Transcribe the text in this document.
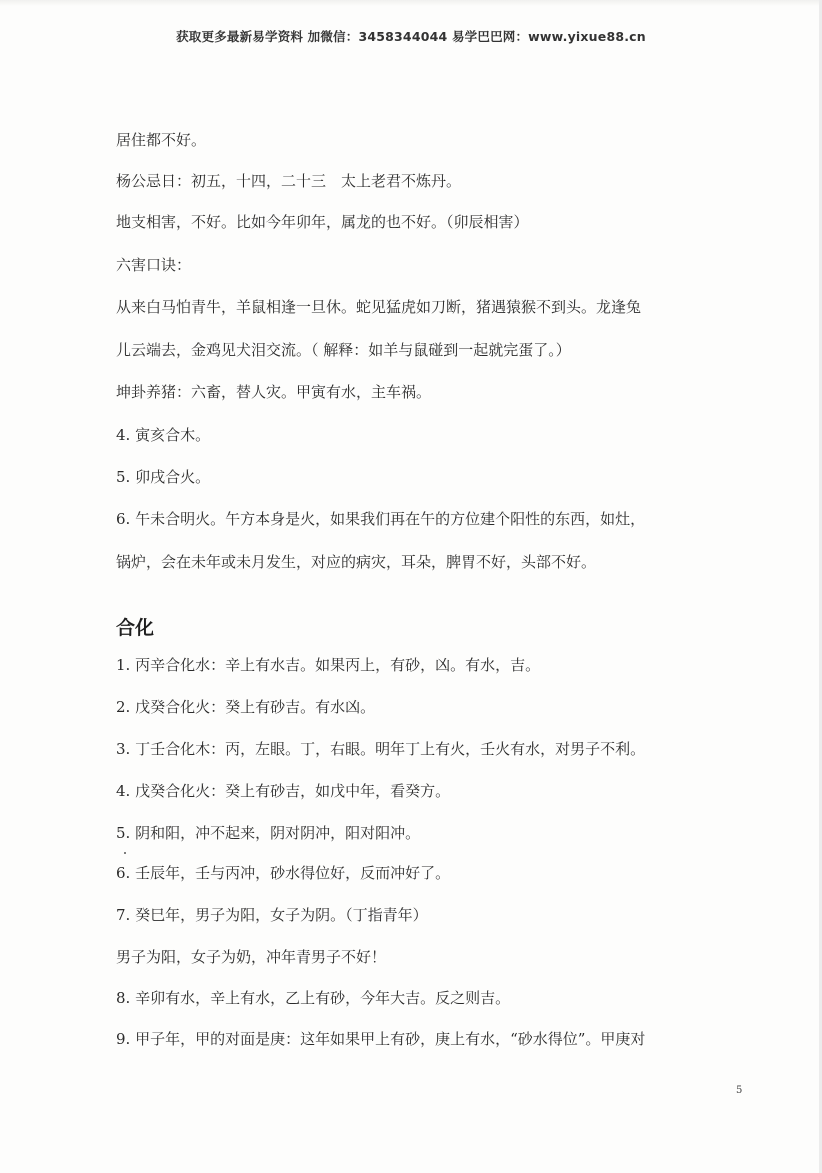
获取更多最新易学资料 加微信：3458344044 易学巴巴网：www.yixue88.cn
居住都不好。
杨公忌日：初五，十四，二十三　太上老君不炼丹。
地支相害，不好。比如今年卯年，属龙的也不好。（卯辰相害）
六害口诀：
从来白马怕青牛，羊鼠相逢一旦休。蛇见猛虎如刀断，猪遇猿猴不到头。龙逢兔
儿云端去，金鸡见犬泪交流。（ 解释：如羊与鼠碰到一起就完蛋了。）
坤卦养猪：六畜，替人灾。甲寅有水，主车祸。
4. 寅亥合木。
5. 卯戌合火。
6. 午未合明火。午方本身是火，如果我们再在午的方位建个阳性的东西，如灶，
锅炉，会在未年或未月发生，对应的病灾，耳朵，脾胃不好，头部不好。
合化
1. 丙辛合化水：辛上有水吉。如果丙上，有砂，凶。有水，吉。
2. 戊癸合化火：癸上有砂吉。有水凶。
3. 丁壬合化木：丙，左眼。丁，右眼。明年丁上有火，壬火有水，对男子不利。
4. 戊癸合化火：癸上有砂吉，如戊中年，看癸方。
5. 阴和阳，冲不起来，阴对阴冲，阳对阳冲。
6. 壬辰年，壬与丙冲，砂水得位好，反而冲好了。
7. 癸巳年，男子为阳，女子为阴。（丁指青年）
男子为阳，女子为奶，冲年青男子不好！
8. 辛卯有水，辛上有水，乙上有砂，今年大吉。反之则吉。
9. 甲子年，甲的对面是庚：这年如果甲上有砂，庚上有水，“砂水得位”。甲庚对
5
